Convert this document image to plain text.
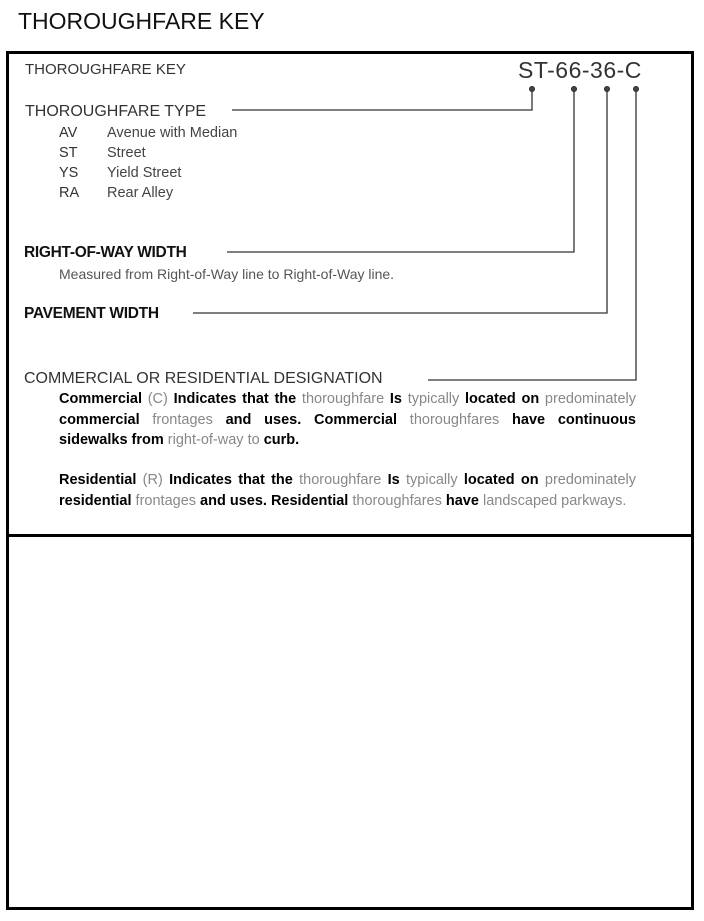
THOROUGHFARE KEY
THOROUGHFARE KEY	ST-66-36-C
THOROUGHFARE TYPE
AV Avenue with Median
ST Street
YS Yield Street
RA Rear Alley
RIGHT-OF-WAY WIDTH
Measured from Right-of-Way line to Right-of-Way line.
PAVEMENT WIDTH
COMMERCIAL OR RESIDENTIAL DESIGNATION
Commercial (C) Indicates that the thoroughfare Is typically located on predominately commercial frontages and uses. Commercial thoroughfares have continuous sidewalks from right-of-way to curb.
Residential (R) Indicates that the thoroughfare Is typically located on predominately residential frontages and uses. Residential thoroughfares have landscaped parkways.
